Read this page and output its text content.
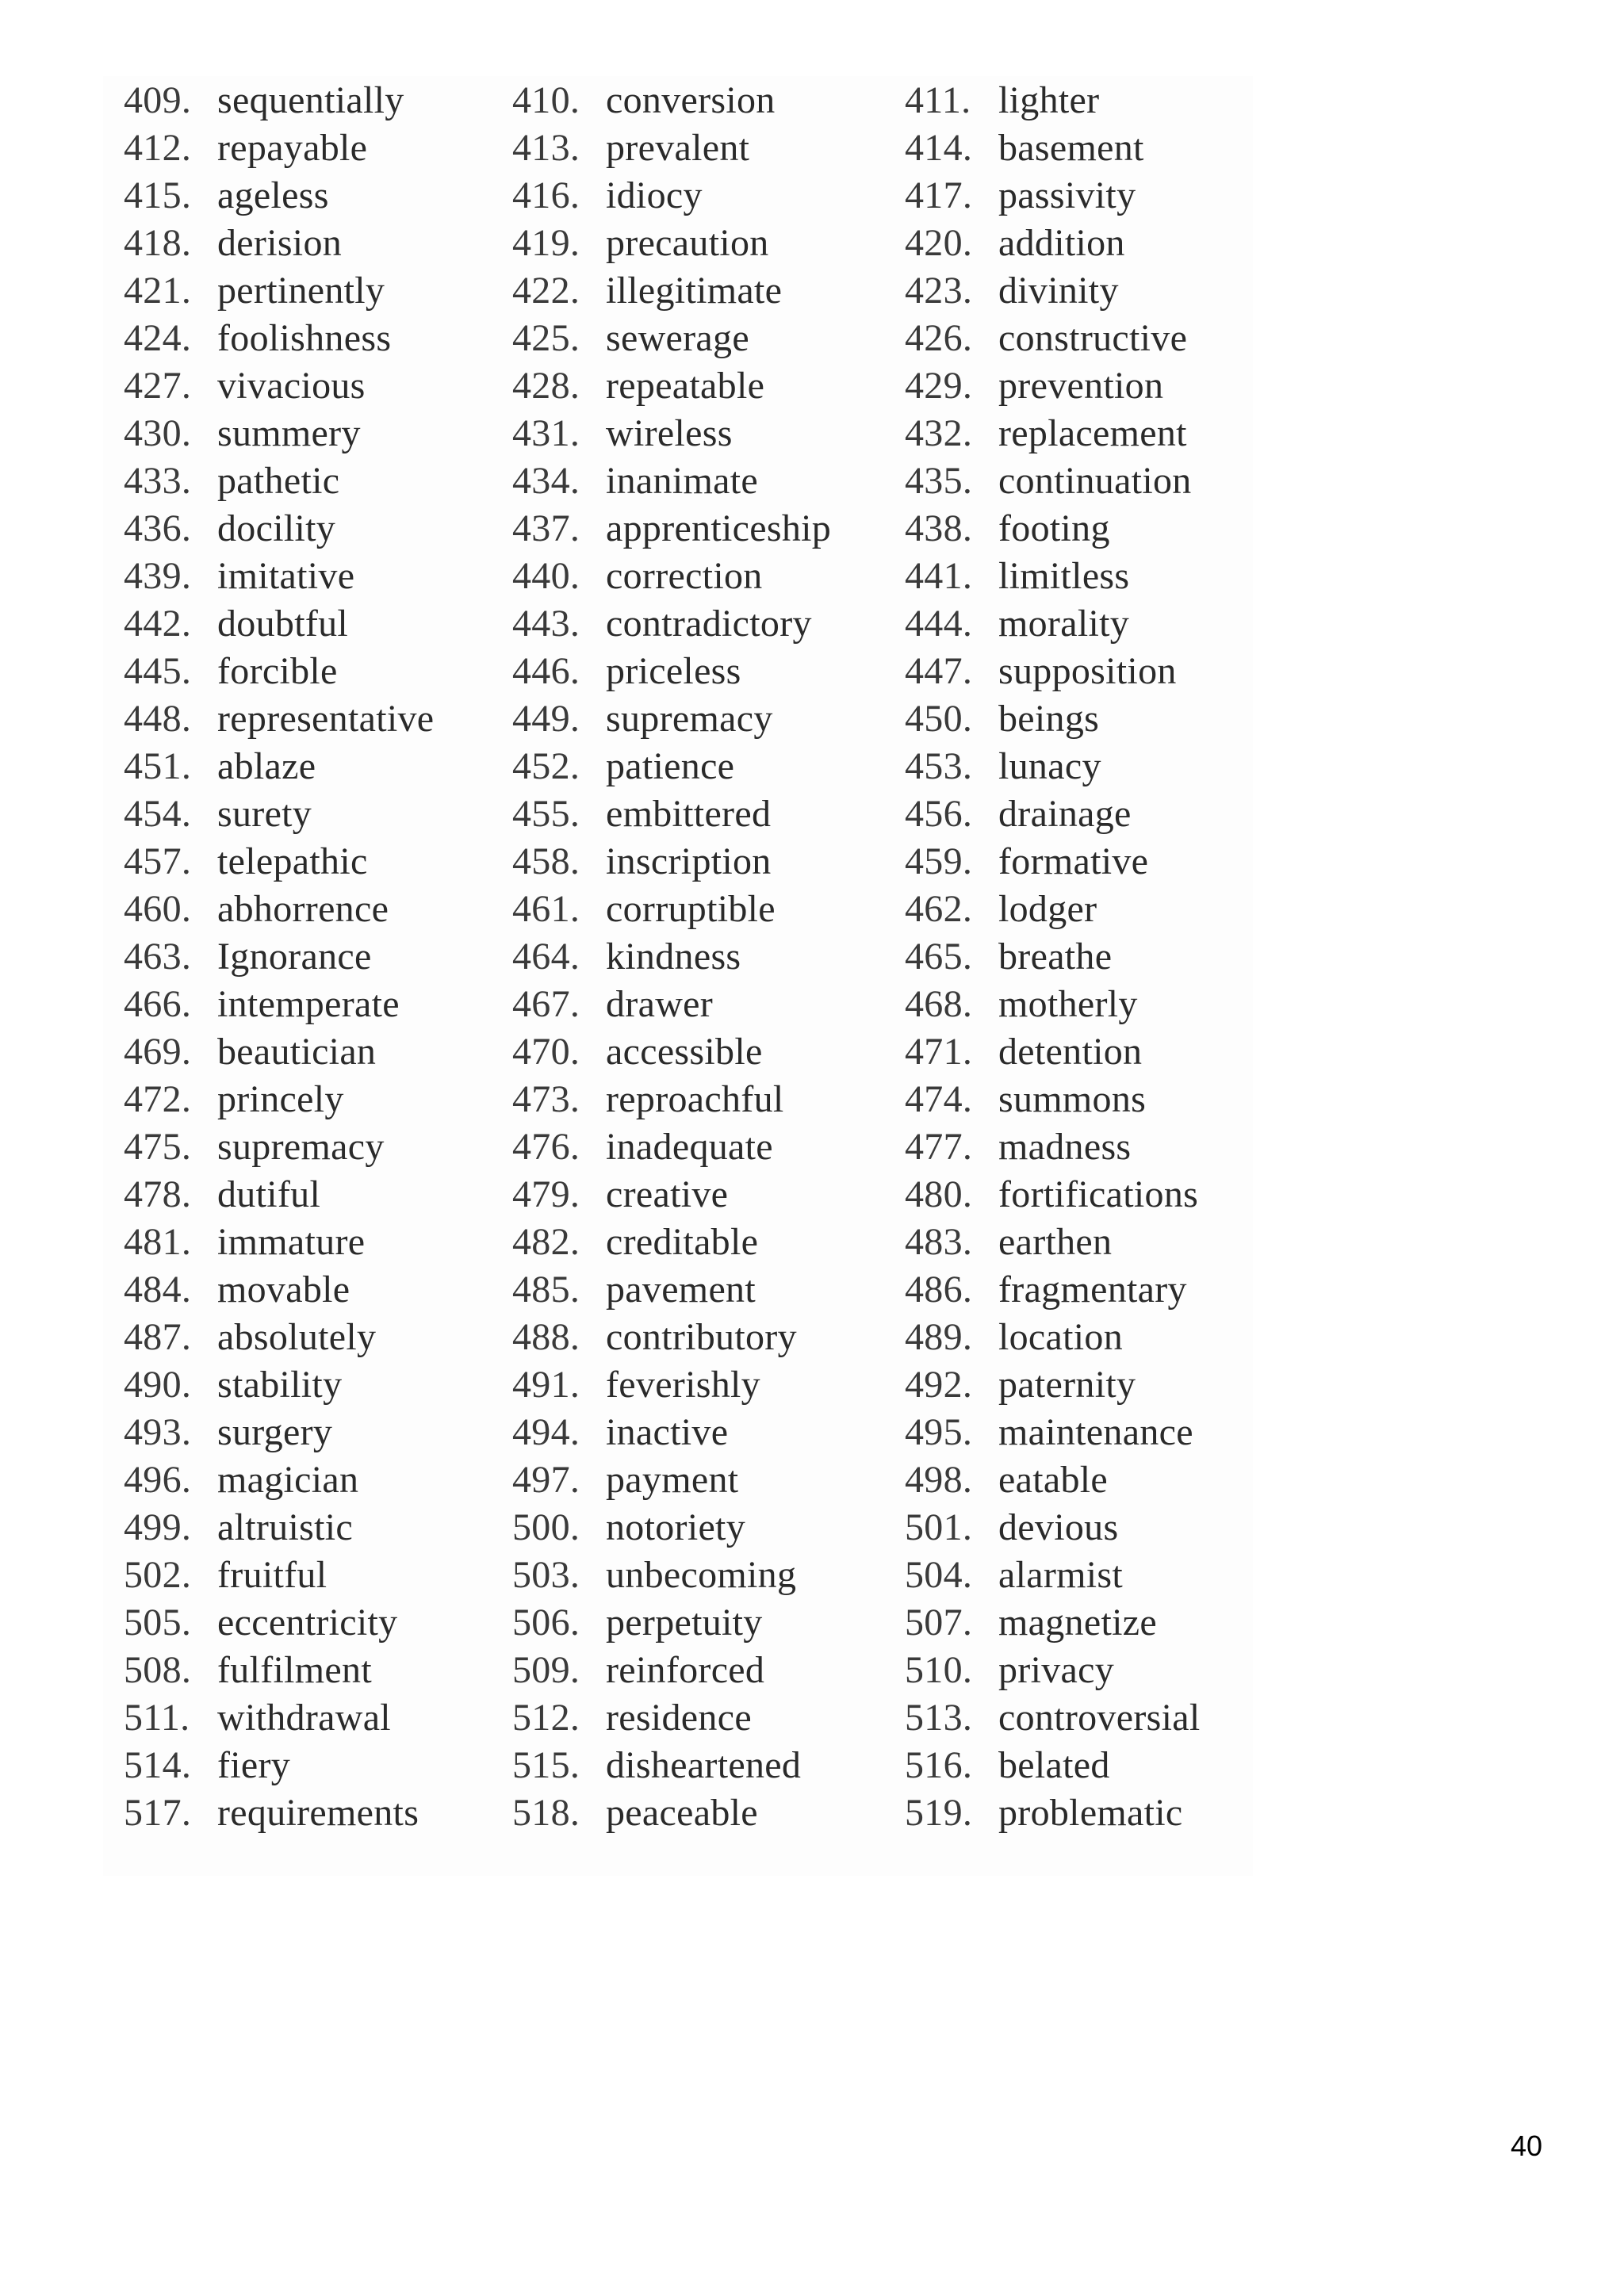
409. sequentially
412. repayable
415. ageless
418. derision
421. pertinently
424. foolishness
427. vivacious
430. summery
433. pathetic
436. docility
439. imitative
442. doubtful
445. forcible
448. representative
451. ablaze
454. surety
457. telepathic
460. abhorrence
463. Ignorance
466. intemperate
469. beautician
472. princely
475. supremacy
478. dutiful
481. immature
484. movable
487. absolutely
490. stability
493. surgery
496. magician
499. altruistic
502. fruitful
505. eccentricity
508. fulfilment
511. withdrawal
514. fiery
517. requirements
410. conversion
413. prevalent
416. idiocy
419. precaution
422. illegitimate
425. sewerage
428. repeatable
431. wireless
434. inanimate
437. apprenticeship
440. correction
443. contradictory
446. priceless
449. supremacy
452. patience
455. embittered
458. inscription
461. corruptible
464. kindness
467. drawer
470. accessible
473. reproachful
476. inadequate
479. creative
482. creditable
485. pavement
488. contributory
491. feverishly
494. inactive
497. payment
500. notoriety
503. unbecoming
506. perpetuity
509. reinforced
512. residence
515. disheartened
518. peaceable
411. lighter
414. basement
417. passivity
420. addition
423. divinity
426. constructive
429. prevention
432. replacement
435. continuation
438. footing
441. limitless
444. morality
447. supposition
450. beings
453. lunacy
456. drainage
459. formative
462. lodger
465. breathe
468. motherly
471. detention
474. summons
477. madness
480. fortifications
483. earthen
486. fragmentary
489. location
492. paternity
495. maintenance
498. eatable
501. devious
504. alarmist
507. magnetize
510. privacy
513. controversial
516. belated
519. problematic
40
